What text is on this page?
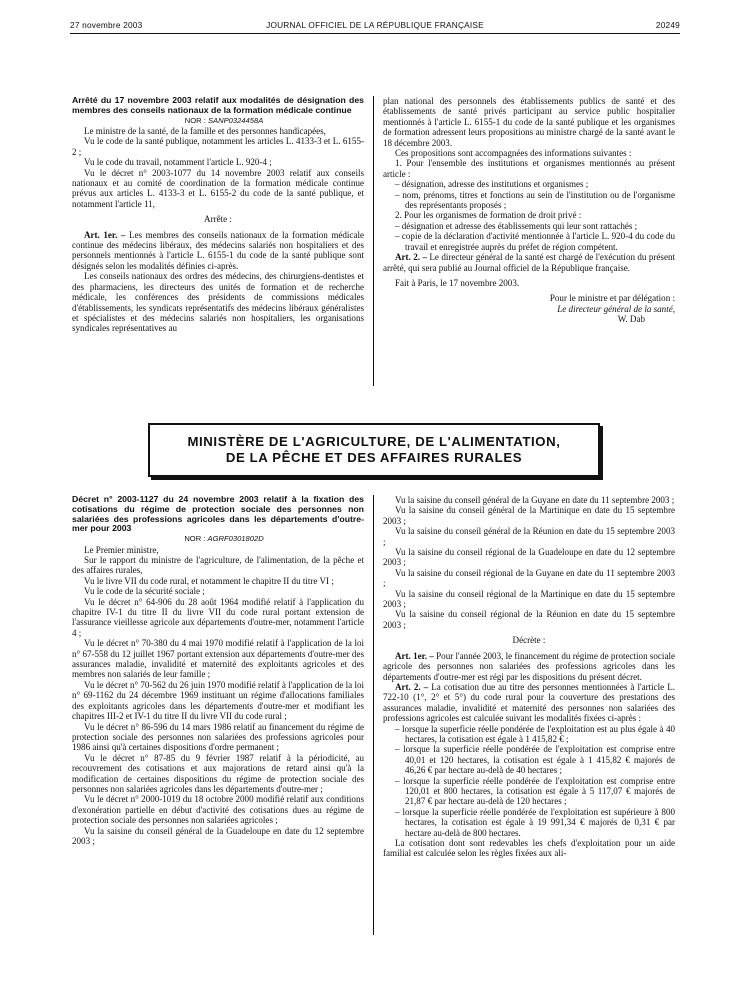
27 novembre 2003	JOURNAL OFFICIEL DE LA RÉPUBLIQUE FRANÇAISE	20249

Arrêté du 17 novembre 2003 relatif aux modalités de désignation des membres des conseils nationaux de la formation médicale continue

NOR : SANP0324458A

Le ministre de la santé, de la famille et des personnes handicapées,

Vu le code de la santé publique, notamment les articles L. 4133-3 et L. 6155-2 ;

Vu le code du travail, notamment l'article L. 920-4 ;

Vu le décret n° 2003-1077 du 14 novembre 2003 relatif aux conseils nationaux et au comité de coordination de la formation médicale continue prévus aux articles L. 4133-3 et L. 6155-2 du code de la santé publique, et notamment l'article 11,

Arrête :

Art. 1er. – Les membres des conseils nationaux de la formation médicale continue des médecins libéraux, des médecins salariés non hospitaliers et des personnels mentionnés à l'article L. 6155-1 du code de la santé publique sont désignés selon les modalités définies ci-après.

Les conseils nationaux des ordres des médecins, des chirurgiens-dentistes et des pharmaciens, les directeurs des unités de formation et de recherche médicale, les conférences des présidents de commissions médicales d'établissements, les syndicats représentatifs des médecins libéraux généralistes et spécialistes et des médecins salariés non hospitaliers, les organisations syndicales représentatives au

plan national des personnels des établissements publics de santé et des établissements de santé privés participant au service public hospitalier mentionnés à l'article L. 6155-1 du code de la santé publique et les organismes de formation adressent leurs propositions au ministre chargé de la santé avant le 18 décembre 2003.

Ces propositions sont accompagnées des informations suivantes :

1. Pour l'ensemble des institutions et organismes mentionnés au présent article :

– désignation, adresse des institutions et organismes ;

– nom, prénoms, titres et fonctions au sein de l'institution ou de l'organisme des représentants proposés ;

2. Pour les organismes de formation de droit privé :

– désignation et adresse des établissements qui leur sont rattachés ;

– copie de la déclaration d'activité mentionnée à l'article L. 920-4 du code du travail et enregistrée auprès du préfet de région compétent.

Art. 2. – Le directeur général de la santé est chargé de l'exécution du présent arrêté, qui sera publié au Journal officiel de la République française.

Fait à Paris, le 17 novembre 2003.

Pour le ministre et par délégation :

Le directeur général de la santé,

W. Dab

MINISTÈRE DE L'AGRICULTURE, DE L'ALIMENTATION,
DE LA PÊCHE ET DES AFFAIRES RURALES

Décret n° 2003-1127 du 24 novembre 2003 relatif à la fixation des cotisations du régime de protection sociale des personnes non salariées des professions agricoles dans les départements d'outre-mer pour 2003

NOR : AGRF0301802D

Le Premier ministre,

Sur le rapport du ministre de l'agriculture, de l'alimentation, de la pêche et des affaires rurales,

Vu le livre VII du code rural, et notamment le chapitre II du titre VI ;

Vu le code de la sécurité sociale ;

Vu le décret n° 64-906 du 28 août 1964 modifié relatif à l'application du chapitre IV-1 du titre II du livre VII du code rural portant extension de l'assurance vieillesse agricole aux départements d'outre-mer, notamment l'article 4 ;

Vu le décret n° 70-380 du 4 mai 1970 modifié relatif à l'application de la loi n° 67-558 du 12 juillet 1967 portant extension aux départements d'outre-mer des assurances maladie, invalidité et maternité des exploitants agricoles et des membres non salariés de leur famille ;

Vu le décret n° 70-562 du 26 juin 1970 modifié relatif à l'application de la loi n° 69-1162 du 24 décembre 1969 instituant un régime d'allocations familiales des exploitants agricoles dans les départements d'outre-mer et modifiant les chapitres III-2 et IV-1 du titre II du livre VII du code rural ;

Vu le décret n° 86-596 du 14 mars 1986 relatif au financement du régime de protection sociale des personnes non salariées des professions agricoles pour 1986 ainsi qu'à certaines dispositions d'ordre permanent ;

Vu le décret n° 87-85 du 9 février 1987 relatif à la périodicité, au recouvrement des cotisations et aux majorations de retard ainsi qu'à la modification de certaines dispositions du régime de protection sociale des personnes non salariées agricoles dans les départements d'outre-mer ;

Vu le décret n° 2000-1019 du 18 octobre 2000 modifié relatif aux conditions d'exonération partielle en début d'activité des cotisations dues au régime de protection sociale des personnes non salariées agricoles ;

Vu la saisine du conseil général de la Guadeloupe en date du 12 septembre 2003 ;

Vu la saisine du conseil général de la Guyane en date du 11 septembre 2003 ;

Vu la saisine du conseil général de la Martinique en date du 15 septembre 2003 ;

Vu la saisine du conseil général de la Réunion en date du 15 septembre 2003 ;

Vu la saisine du conseil régional de la Guadeloupe en date du 12 septembre 2003 ;

Vu la saisine du conseil régional de la Guyane en date du 11 septembre 2003 ;

Vu la saisine du conseil régional de la Martinique en date du 15 septembre 2003 ;

Vu la saisine du conseil régional de la Réunion en date du 15 septembre 2003 ;

Décrète :

Art. 1er. – Pour l'année 2003, le financement du régime de protection sociale agricole des personnes non salariées des professions agricoles dans les départements d'outre-mer est régi par les dispositions du présent décret.

Art. 2. – La cotisation due au titre des personnes mentionnées à l'article L. 722-10 (1°, 2° et 5°) du code rural pour la couverture des prestations des assurances maladie, invalidité et maternité des personnes non salariées des professions agricoles est calculée suivant les modalités fixées ci-après :

– lorsque la superficie réelle pondérée de l'exploitation est au plus égale à 40 hectares, la cotisation est égale à 1 415,82 € ;

– lorsque la superficie réelle pondérée de l'exploitation est comprise entre 40,01 et 120 hectares, la cotisation est égale à 1 415,82 € majorés de 46,26 € par hectare au-delà de 40 hectares ;

– lorsque la superficie réelle pondérée de l'exploitation est comprise entre 120,01 et 800 hectares, la cotisation est égale à 5 117,07 € majorés de 21,87 € par hectare au-delà de 120 hectares ;

– lorsque la superficie réelle pondérée de l'exploitation est supérieure à 800 hectares, la cotisation est égale à 19 991,34 € majorés de 0,31 € par hectare au-delà de 800 hectares.

La cotisation dont sont redevables les chefs d'exploitation pour un aide familial est calculée selon les règles fixées aux ali-
